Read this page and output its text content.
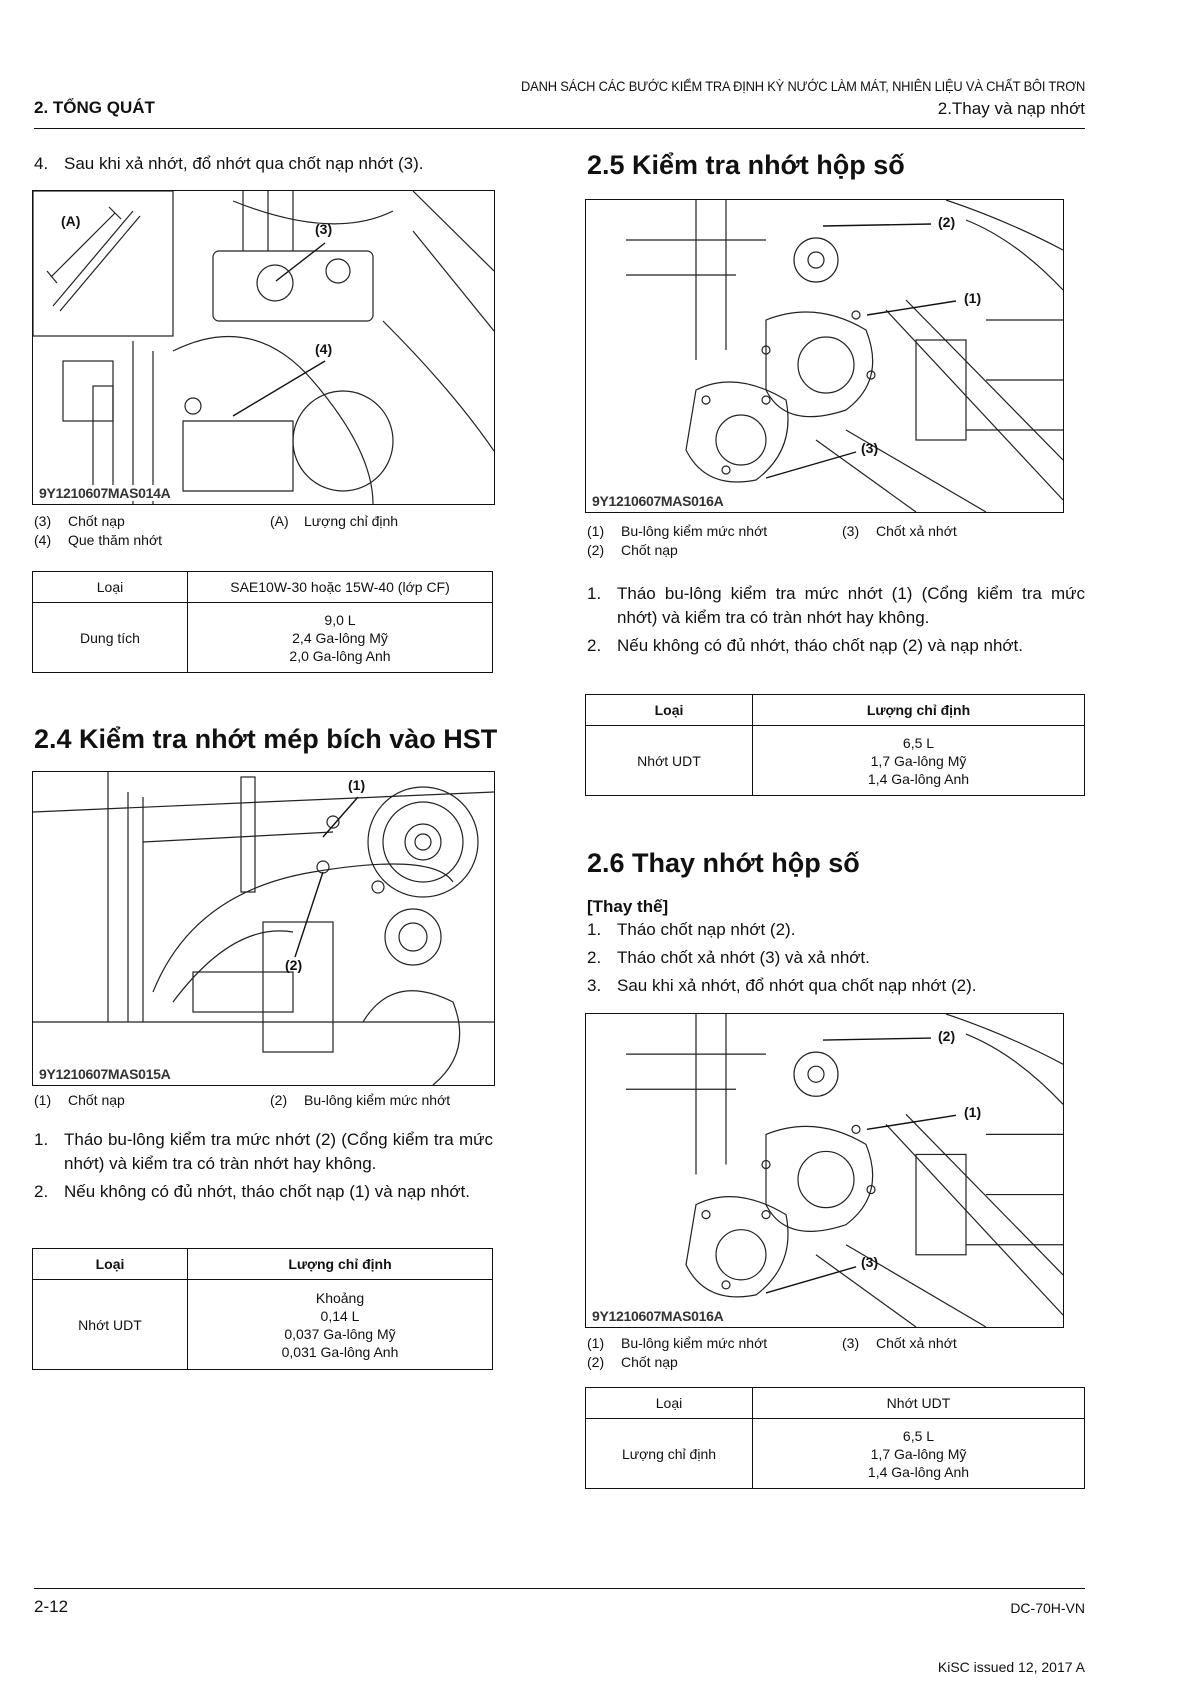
DANH SÁCH CÁC BƯỚC KIỂM TRA ĐỊNH KỲ NƯỚC LÀM MÁT, NHIÊN LIỆU VÀ CHẤT BÔI TRƠN
2. TỔNG QUÁT	2.Thay và nạp nhớt
4. Sau khi xả nhớt, đổ nhớt qua chốt nạp nhớt (3).
(A)	(3)
(4)
9Y1210607MAS014A
(3) Chốt nạp	(A) Lượng chỉ định
(4) Que thăm nhớt
Loại	SAE10W-30 hoặc 15W-40 (lớp CF)
Dung tích	9,0 L
2,4 Ga-lông Mỹ
2,0 Ga-lông Anh
2.4 Kiểm tra nhớt mép bích vào HST
(1)
(2)
9Y1210607MAS015A
(1) Chốt nạp	(2) Bu-lông kiểm mức nhớt
1. Tháo bu-lông kiểm tra mức nhớt (2) (Cổng kiểm tra mức nhớt) và kiểm tra có tràn nhớt hay không.
2. Nếu không có đủ nhớt, tháo chốt nạp (1) và nạp nhớt.
Loại	Lượng chỉ định
Nhớt UDT	Khoảng
0,14 L
0,037 Ga-lông Mỹ
0,031 Ga-lông Anh
2.5 Kiểm tra nhớt hộp số
(2)
(1)
(3)
9Y1210607MAS016A
(1) Bu-lông kiểm mức nhớt	(3) Chốt xả nhớt
(2) Chốt nạp
1. Tháo bu-lông kiểm tra mức nhớt (1) (Cổng kiểm tra mức nhớt) và kiểm tra có tràn nhớt hay không.
2. Nếu không có đủ nhớt, tháo chốt nạp (2) và nạp nhớt.
Loại	Lượng chỉ định
Nhớt UDT	6,5 L
1,7 Ga-lông Mỹ
1,4 Ga-lông Anh
2.6 Thay nhớt hộp số
[Thay thế]
1. Tháo chốt nạp nhớt (2).
2. Tháo chốt xả nhớt (3) và xả nhớt.
3. Sau khi xả nhớt, đổ nhớt qua chốt nạp nhớt (2).
(2)
(1)
(3)
9Y1210607MAS016A
(1) Bu-lông kiểm mức nhớt	(3) Chốt xả nhớt
(2) Chốt nạp
Loại	Nhớt UDT
Lượng chỉ định	6,5 L
1,7 Ga-lông Mỹ
1,4 Ga-lông Anh
2-12	DC-70H-VN
KiSC issued 12, 2017 A
